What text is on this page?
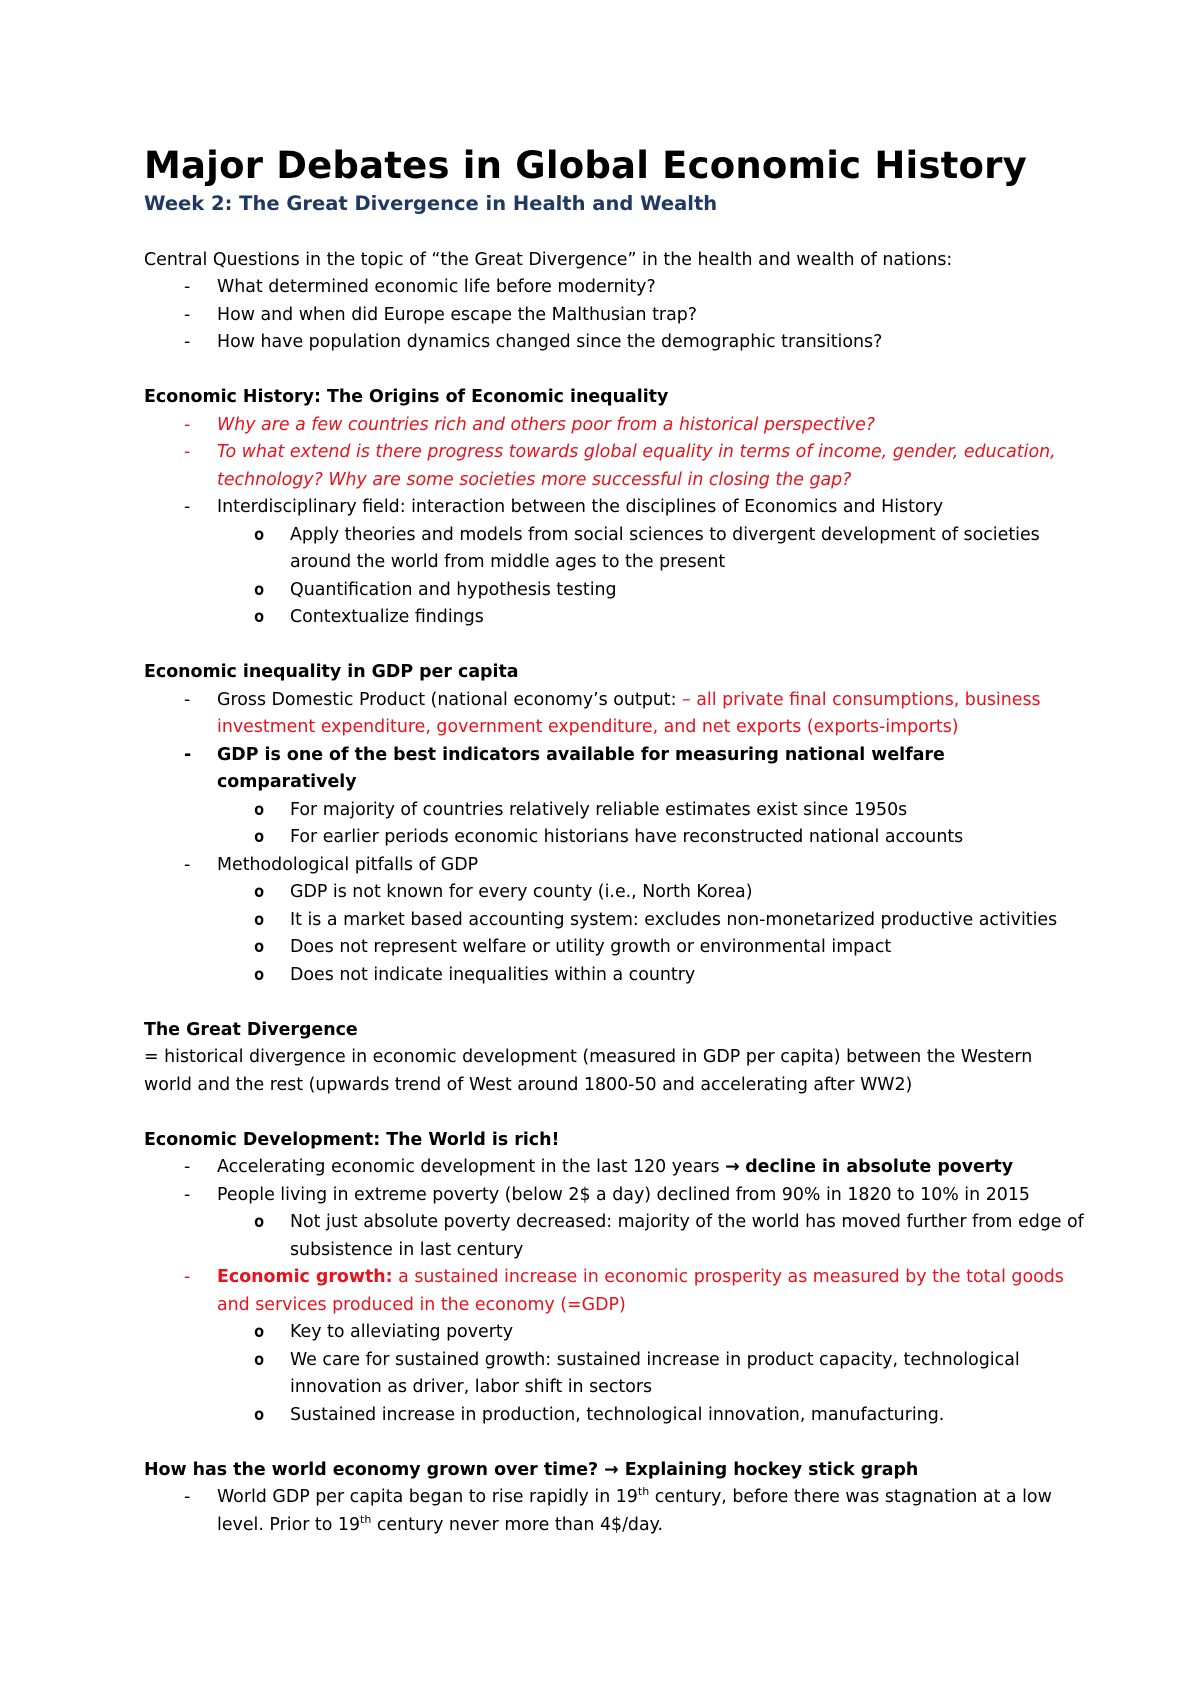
Major Debates in Global Economic History
Week 2: The Great Divergence in Health and Wealth

Central Questions in the topic of “the Great Divergence” in the health and wealth of nations:

- What determined economic life before modernity?
- How and when did Europe escape the Malthusian trap?
- How have population dynamics changed since the demographic transitions?

Economic History: The Origins of Economic inequality

- Why are a few countries rich and others poor from a historical perspective?
- To what extend is there progress towards global equality in terms of income, gender, education, technology? Why are some societies more successful in closing the gap?
- Interdisciplinary field: interaction between the disciplines of Economics and History
o Apply theories and models from social sciences to divergent development of societies around the world from middle ages to the present
o Quantification and hypothesis testing
o Contextualize findings

Economic inequality in GDP per capita

- Gross Domestic Product (national economy’s output: – all private final consumptions, business investment expenditure, government expenditure, and net exports (exports-imports)
- GDP is one of the best indicators available for measuring national welfare comparatively
o For majority of countries relatively reliable estimates exist since 1950s
o For earlier periods economic historians have reconstructed national accounts
- Methodological pitfalls of GDP
o GDP is not known for every county (i.e., North Korea)
o It is a market based accounting system: excludes non-monetarized productive activities
o Does not represent welfare or utility growth or environmental impact
o Does not indicate inequalities within a country

The Great Divergence

= historical divergence in economic development (measured in GDP per capita) between the Western world and the rest (upwards trend of West around 1800-50 and accelerating after WW2)

Economic Development: The World is rich!

- Accelerating economic development in the last 120 years → decline in absolute poverty
- People living in extreme poverty (below 2$ a day) declined from 90% in 1820 to 10% in 2015
o Not just absolute poverty decreased: majority of the world has moved further from edge of subsistence in last century
- Economic growth: a sustained increase in economic prosperity as measured by the total goods and services produced in the economy (=GDP)
o Key to alleviating poverty
o We care for sustained growth: sustained increase in product capacity, technological innovation as driver, labor shift in sectors
o Sustained increase in production, technological innovation, manufacturing.

How has the world economy grown over time? → Explaining hockey stick graph

- World GDP per capita began to rise rapidly in 19th century, before there was stagnation at a low level. Prior to 19th century never more than 4$/day.
